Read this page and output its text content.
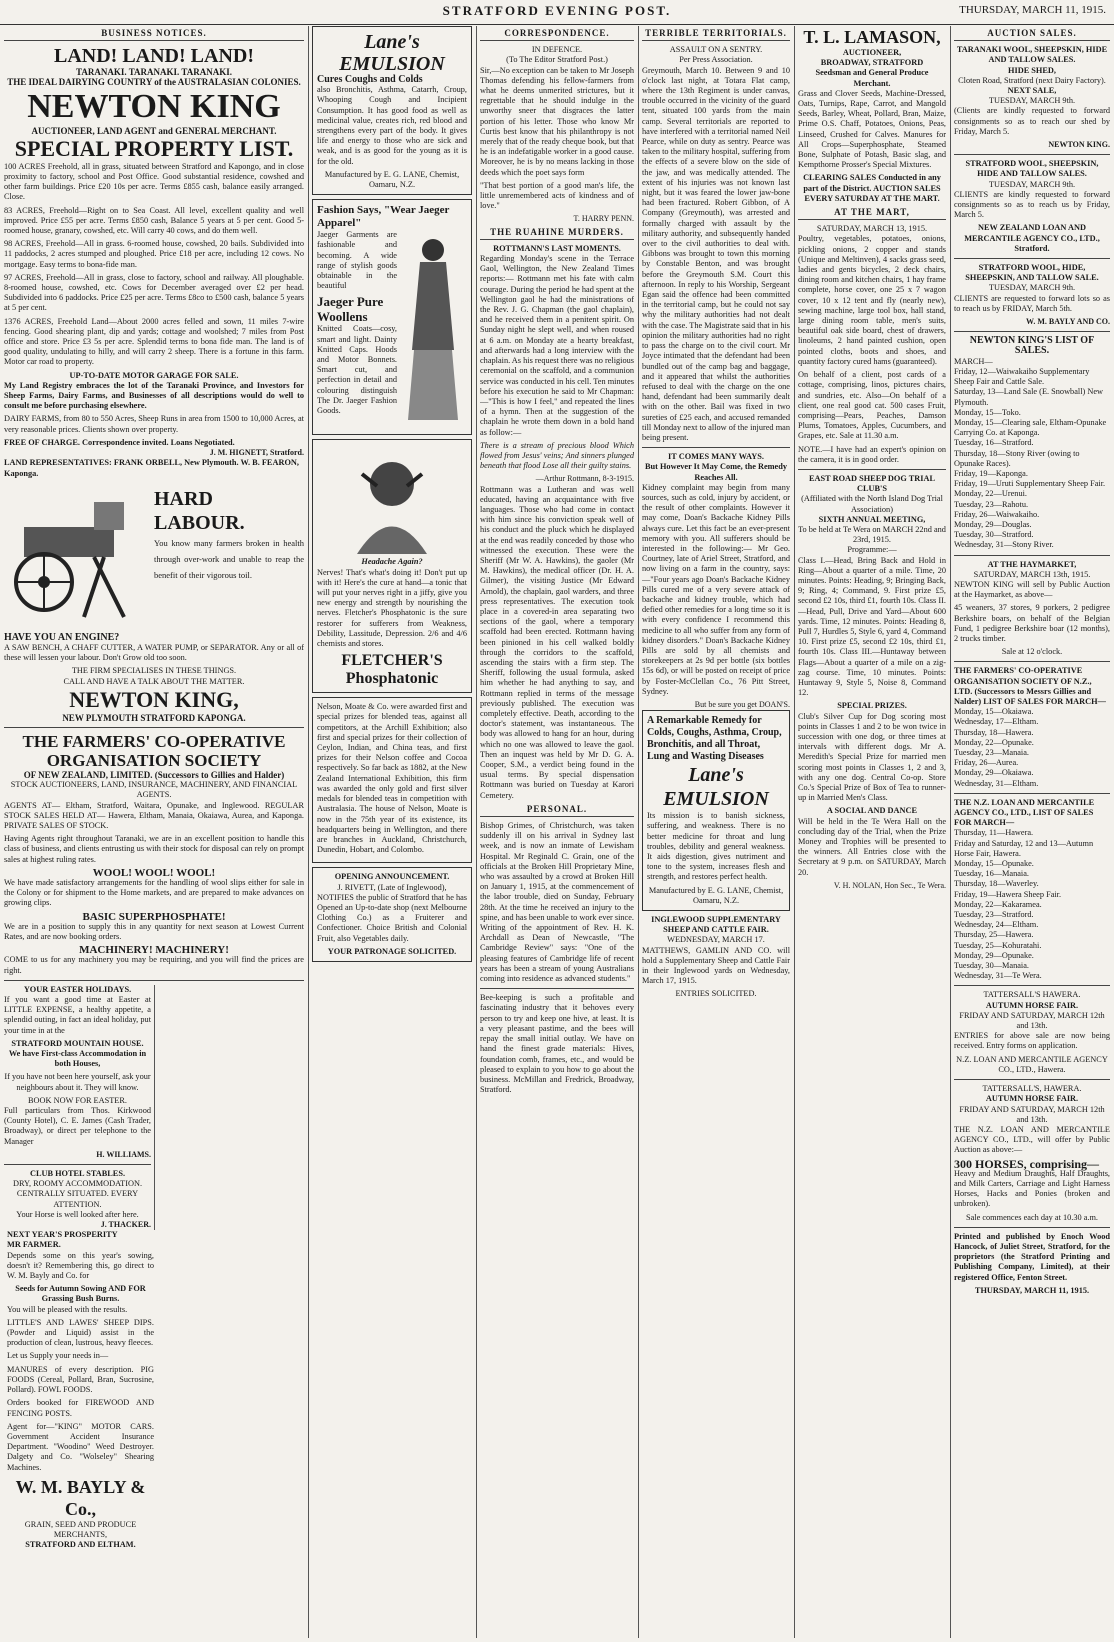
STRATFORD EVENING POST.	THURSDAY, MARCH 11, 1915.
BUSINESS NOTICES.
LAND! LAND! LAND!
TARANAKI. TARANAKI. TARANAKI.
THE IDEAL DAIRYING COUNTRY of the AUSTRALASIAN COLONIES.
NEWTON KING
AUCTIONEER, LAND AGENT and GENERAL MERCHANT.
SPECIAL PROPERTY LIST.

100 ACRES Freehold, all in grass, situated between Stratford and Kapongo, and in close proximity to factory, school and Post Office. Good substantial residence, cowshed and other farm buildings. Price £20 10s per acre. Terms £855 cash, balance easily arranged. Close.

83 ACRES, Freehold—Right on to Sea Coast. All level, excellent quality and well improved. Price £55 per acre. Terms £850 cash, Balance 5 years at 5 per cent. Good 5-roomed house, granary, cowshed, etc. Will carry 40 cows, and do them well.

98 ACRES, Freehold—All in grass. 6-roomed house, cowshed, 20 bails. Subdivided into 11 paddocks, 2 acres stumped and ploughed. Price £18 per acre, including 12 cows. No mortgage. Easy terms to bona-fide man.

97 ACRES, Freehold—All in grass, close to factory, school and railway. All ploughable. 8-roomed house, cowshed, etc. Cows for December averaged over £2 per head. Subdivided into 6 paddocks. Price £25 per acre. Terms £8co to £500 cash, balance 5 years at 5 per cent.

1376 ACRES, Freehold Land—About 2000 acres felled and sown, 11 miles 7-wire fencing. Good shearing plant, dip and yards; cottage and woolshed; 7 miles from Post office and store. Price £3 5s per acre. Splendid terms to bona fide man. The land is of good quality, undulating to hilly, and will carry 2 sheep. There is a fortune in this farm. Motor car road to property.

UP-TO-DATE MOTOR GARAGE FOR SALE.

My Land Registry embraces the lot of the Taranaki Province, and Investors for Sheep Farms, Dairy Farms, and Businesses of all descriptions would do well to consult me before purchasing elsewhere.

DAIRY FARMS, from 80 to 550 Acres, Sheep Runs in area from 1500 to 10,000 Acres, at very reasonable prices. Clients shown over property.

FREE OF CHARGE. Correspondence invited. Loans Negotiated.
J. M. HIGNETT, Stratford.
LAND REPRESENTATIVES: FRANK ORBELL, New Plymouth. W. B. FEARON, Kaponga.
HARD LABOUR.

You know many farmers broken in health through over-work and unable to reap the benefit of their vigorous toil.

HAVE YOU AN ENGINE?

A SAW BENCH, A CHAFF CUTTER, A WATER PUMP, or SEPARATOR. Any or all of these will lessen your labour. Don't Grow old too soon.

THE FIRM SPECIALISES IN THESE THINGS.
CALL AND HAVE A TALK ABOUT THE MATTER.
NEWTON KING,
NEW PLYMOUTH STRATFORD KAPONGA.
THE FARMERS' CO-OPERATIVE ORGANISATION SOCIETY
OF NEW ZEALAND, LIMITED. (Successors to Gillies and Halder)
STOCK AUCTIONEERS, LAND, INSURANCE, MACHINERY, AND FINANCIAL AGENTS.

AGENTS AT— Eltham, Stratford, Waitara, Opunake, and Inglewood. REGULAR STOCK SALES HELD AT— Hawera, Eltham, Manaia, Okaiawa, Aurea, and Kaponga. PRIVATE SALES OF STOCK.

Having Agents right throughout Taranaki, we are in an excellent position to handle this class of business, and clients entrusting us with their stock for disposal can rely on prompt sales at highest ruling rates.

WOOL! WOOL! WOOL!

We have made satisfactory arrangements for the handling of wool slips either for sale in the Colony or for shipment to the Home markets, and are prepared to make advances on growing clips.

BASIC SUPERPHOSPHATE!

We are in a position to supply this in any quantity for next season at Lowest Current Rates, and are now booking orders.

MACHINERY! MACHINERY!

COME to us for any machinery you may be requiring, and you will find the prices are right.

YOUR EASTER HOLIDAYS.

If you want a good time at Easter at LITTLE EXPENSE, a healthy appetite, a splendid outing, in fact an ideal holiday, put your time in at the

STRATFORD MOUNTAIN HOUSE.

We have First-class Accommodation in both Houses,

If you have not been here yourself, ask your neighbours about it. They will know.

BOOK NOW FOR EASTER.

Full particulars from Thos. Kirkwood (County Hotel), C. E. James (Cash Trader, Broadway), or direct per telephone to the Manager

H. WILLIAMS.
CLUB HOTEL STABLES.
DRY, ROOMY ACCOMMODATION.
CENTRALLY SITUATED. EVERY ATTENTION.
Your Horse is well looked after here.
J. THACKER.
NEXT YEAR'S PROSPERITY
MR FARMER.

Depends some on this year's sowing, doesn't it? Remembering this, go direct to W. M. Bayly and Co. for

Seeds for Autumn Sowing AND FOR Grassing Bush Burns.

You will be pleased with the results.

LITTLE'S AND LAWES' SHEEP DIPS. (Powder and Liquid) assist in the production of clean, lustrous, heavy fleeces.

Let us Supply your needs in—

MANURES of every description. PIG FOODS (Cereal, Pollard, Bran, Sucrosine, Pollard). FOWL FOODS.

Orders booked for FIREWOOD AND FENCING POSTS.

Agent for—"KING" MOTOR CARS. Government Accident Insurance Department. "Woodino" Weed Destroyer. Dalgety and Co. "Wolseley" Shearing Machines.

W. M. BAYLY & Co.,
GRAIN, SEED AND PRODUCE MERCHANTS,
STRATFORD AND ELTHAM.
Lane's EMULSION
Cures Coughs and Colds

also Bronchitis, Asthma, Catarrh, Croup, Whooping Cough and Incipient Consumption. It has good food as well as medicinal value, creates rich, red blood and strengthens every part of the body. It gives life and energy to those who are sick and weak, and is as good for the young as it is for the old.

Manufactured by E. G. LANE, Chemist, Oamaru, N.Z.
Fashion Says, "Wear Jaeger Apparel"

Jaeger Garments are fashionable and becoming. A wide range of stylish goods obtainable in the beautiful

Jaeger Pure Woollens

Knitted Coats—cosy, smart and light. Dainty Knitted Caps. Hoods and Motor Bonnets. Smart cut, and perfection in detail and colouring distinguish The Dr. Jaeger Fashion Goods.

Headache Again?

Nerves! That's what's doing it! Don't put up with it! Here's the cure at hand—a tonic that will put your nerves right in a jiffy, give you new energy and strength by nourishing the nerves. Fletcher's Phosphatonic is the sure restorer for sufferers from Weakness, Debility, Lassitude, Depression. 2/6 and 4/6 chemists and stores.

FLETCHER'S Phosphatonic

Nelson, Moate & Co. were awarded first and special prizes for blended teas, against all competitors, at the Archill Exhibition; also first and special prizes for their collection of Ceylon, Indian, and China teas, and first prizes for their Nelson coffee and Cocoa respectively. So far back as 1882, at the New Zealand International Exhibition, this firm was awarded the only gold and first silver medals for blended teas in competition with Australasia. The house of Nelson, Moate is now in the 75th year of its existence, its headquarters being in Wellington, and there are branches in Auckland, Christchurch, Dunedin, Hobart, and Colombo.

OPENING ANNOUNCEMENT.
J. RIVETT, (Late of Inglewood),

NOTIFIES the public of Stratford that he has Opened an Up-to-date shop (next Melbourne Clothing Co.) as a Fruiterer and Confectioner. Choice British and Colonial Fruit, also Vegetables daily.

YOUR PATRONAGE SOLICITED.
CORRESPONDENCE.
IN DEFENCE.
(To The Editor Stratford Post.)

Sir,—No exception can be taken to Mr Joseph Thomas defending his fellow-farmers from what he deems unmerited strictures, but it regrettable that he should indulge in the unworthy sneer that disgraces the latter portion of his letter. Those who know Mr Curtis best know that his philanthropy is not merely that of the ready cheque book, but that he is an indefatigable worker in a good cause. Moreover, he is by no means lacking in those deeds which the poet says form

"That best portion of a good man's life, the little unremembered acts of kindness and of love."

T. HARRY PENN.
THE RUAHINE MURDERS.
ROTTMANN'S LAST MOMENTS.

Regarding Monday's scene in the Terrace Gaol, Wellington, the New Zealand Times reports:— Rottmann met his fate with calm courage. During the period he had spent at the Wellington gaol he had the ministrations of the Rev. J. G. Chapman (the gaol chaplain), and he received them in a penitent spirit. On Sunday night he slept well, and when roused at 6 a.m. on Monday ate a hearty breakfast, and afterwards had a long interview with the chaplain. As his request there was no religious ceremonial on the scaffold, and a communion service was conducted in his cell. Ten minutes before his execution he said to Mr Chapman:—"This is how I feel," and repeated the lines of a hymn. Then at the suggestion of the chaplain he wrote them down in a bold hand as follow:—

There is a stream of precious blood Which flowed from Jesus' veins; And sinners plunged beneath that flood Lose all their guilty stains.

—Arthur Rottmann, 8-3-1915.

Rottmann was a Lutheran and was well educated, having an acquaintance with five languages. Those who had come in contact with him since his conviction speak well of his conduct and the pluck which he displayed at the end was readily conceded by those who witnessed the execution. These were the Sheriff (Mr W. A. Hawkins), the gaoler (Mr M. Hawkins), the medical officer (Dr. H. A. Gilmer), the visiting Justice (Mr Edward Arnold), the chaplain, gaol warders, and three press representatives. The execution took place in a covered-in area separating two sections of the gaol, where a temporary scaffold had been erected. Rottmann having been pinioned in his cell walked boldly through the corridors to the scaffold, ascending the stairs with a firm step. The Sheriff, following the usual formula, asked him whether he had anything to say, and Rottmann replied in terms of the message previously published. The execution was completely effective. Death, according to the doctor's statement, was instantaneous. The body was allowed to hang for an hour, during which no one was allowed to leave the gaol. Then an inquest was held by Mr D. G. A. Cooper, S.M., a verdict being found in the usual terms. By special dispensation Rottmann was buried on Tuesday at Karori Cemetery.

PERSONAL.

Bishop Grimes, of Christchurch, was taken suddenly ill on his arrival in Sydney last week, and is now an inmate of Lewisham Hospital. Mr Reginald C. Grain, one of the officials at the Broken Hill Proprietary Mine, who was assaulted by a crowd at Broken Hill on January 1, 1915, at the commencement of the labor trouble, died on Sunday, February 28th. At the time he received an injury to the spine, and has been unable to work ever since. Writing of the appointment of Rev. H. K. Archdall as Dean of Newcastle, "The Cambridge Review" says: "One of the pleasing features of Cambridge life of recent years has been a stream of young Australians coming into residence as advanced students."

Bee-keeping is such a profitable and fascinating industry that it behoves every person to try and keep one hive, at least. It is a very pleasant pastime, and the bees will repay the small initial outlay. We have on hand the finest grade materials: Hives, foundation comb, frames, etc., and would be pleased to explain to you how to go about the business. McMillan and Fredrick, Broadway, Stratford.

TERRIBLE TERRITORIALS.
ASSAULT ON A SENTRY.
Per Press Association.

Greymouth, March 10. Between 9 and 10 o'clock last night, at Totara Flat camp, where the 13th Regiment is under canvas, trouble occurred in the vicinity of the guard tent, situated 100 yards from the main camp. Several territorials are reported to have interfered with a territorial named Neil Pearce, while on duty as sentry. Pearce was taken to the military hospital, suffering from the effects of a severe blow on the side of the jaw, and was medically attended. The extent of his injuries was not known last night, but it was feared the lower jaw-bone had been fractured. Robert Gibbon, of A Company (Greymouth), was arrested and formally charged with assault by the military authority, and subsequently handed over to the civil authorities to deal with. Gibbons was brought to town this morning by Constable Benton, and was brought before the Greymouth S.M. Court this afternoon. In reply to his Worship, Sergeant Egan said the offence had been committed in the territorial camp, but he could not say why the military authorities had not dealt with the case. The Magistrate said that in his opinion the military authorities had no right to pass the charge on to the civil court. Mr Joyce intimated that the defendant had been bundled out of the camp bag and baggage, and it appeared that whilst the authorities refused to deal with the charge on the one hand, defendant had been summarily dealt with on the other. Bail was fixed in two sureties of £25 each, and accused remanded till Monday next to allow of the injured man being present.

IT COMES MANY WAYS.
But However It May Come, the Remedy Reaches All.

Kidney complaint may begin from many sources, such as cold, injury by accident, or the result of other complaints. However it may come, Doan's Backache Kidney Pills always cure. Let this fact be an ever-present memory with you. All sufferers should be interested in the following:— Mr Geo. Courtney, late of Ariel Street, Stratford, and now living on a farm in the country, says:—"Four years ago Doan's Backache Kidney Pills cured me of a very severe attack of backache and kidney trouble, which had defied other remedies for a long time so it is with every confidence I recommend this medicine to all who suffer from any form of kidney disorders." Doan's Backache Kidney Pills are sold by all chemists and storekeepers at 2s 9d per bottle (six bottles 15s 6d), or will be posted on receipt of price by Foster-McClellan Co., 76 Pitt Street, Sydney.

But be sure you get DOAN'S.
A Remarkable Remedy for Colds, Coughs, Asthma, Croup, Bronchitis, and all Throat, Lung and Wasting Diseases
Lane's EMULSION

Its mission is to banish sickness, suffering, and weakness. There is no better medicine for throat and lung troubles, debility and general weakness. It aids digestion, gives nutriment and tone to the system, increases flesh and strength, and restores perfect health.

Manufactured by E. G. LANE, Chemist, Oamaru, N.Z.
INGLEWOOD SUPPLEMENTARY SHEEP AND CATTLE FAIR.
WEDNESDAY, MARCH 17.

MATTHEWS, GAMLIN AND CO. will hold a Supplementary Sheep and Cattle Fair in their Inglewood yards on Wednesday, March 17, 1915.

ENTRIES SOLICITED.
T. L. LAMASON,
AUCTIONEER,
BROADWAY, STRATFORD
Seedsman and General Produce Merchant.

Grass and Clover Seeds, Machine-Dressed, Oats, Turnips, Rape, Carrot, and Mangold Seeds, Barley, Wheat, Pollard, Bran, Maize, Prime O.S. Chaff, Potatoes, Onions, Peas, Linseed, Crushed for Calves. Manures for All Crops—Superphosphate, Steamed Bone, Sulphate of Potash, Basic slag, and Kempthorne Prosser's Special Mixtures.

CLEARING SALES Conducted in any part of the District. AUCTION SALES EVERY SATURDAY AT THE MART.

AT THE MART,
SATURDAY, MARCH 13, 1915.

Poultry, vegetables, potatoes, onions, pickling onions, 2 copper and stands (Unique and Meltinven), 4 sacks grass seed, ladies and gents bicycles, 2 deck chairs, dining room and kitchen chairs, 1 hay frame complete, horse cover, one 25 x 7 wagon cover, 10 x 12 tent and fly (nearly new), sewing machine, large tool box, hall stand, large dining room table, men's suits, beautiful oak side board, chest of drawers, linoleums, 2 hand painted cushion, open pointed cloths, boots and shoes, and quantity factory cured hams (guaranteed).

On behalf of a client, post cards of a cottage, comprising, linos, pictures chairs, and sundries, etc. Also—On behalf of a client, one real good cat. 500 cases Fruit, comprising—Pears, Peaches, Damson Plums, Tomatoes, Apples, Cucumbers, and Grapes, etc. Sale at 11.30 a.m.

NOTE.—I have had an expert's opinion on the camera, it is in good order.

EAST ROAD SHEEP DOG TRIAL CLUB'S
(Affiliated with the North Island Dog Trial Association)
SIXTH ANNUAL MEETING,
To be held at Te Wera on MARCH 22nd and 23rd, 1915.
Programme:—

Class I.—Head, Bring Back and Hold in Ring—About a quarter of a mile. Time, 20 minutes. Points: Heading, 9; Bringing Back, 9; Ring, 4; Command, 9. First prize £5, second £2 10s, third £1, fourth 10s. Class II.—Head, Pull, Drive and Yard—About 600 yards. Time, 12 minutes. Points: Heading 8, Pull 7, Hurdles 5, Style 6, yard 4, Command 10. First prize £5, second £2 10s, third £1, fourth 10s. Class III.—Huntaway between Flags—About a quarter of a mile on a zig-zag course. Time, 10 minutes. Points: Huntaway 9, Style 5, Noise 8, Command 12.

SPECIAL PRIZES.

Club's Silver Cup for Dog scoring most points in Classes 1 and 2 to be won twice in succession with one dog, or three times at intervals with different dogs. Mr A. Meredith's Special Prize for married men scoring most points in Classes 1, 2 and 3, with any one dog. Central Co-op. Store Co.'s Special Prize of Box of Tea to runner-up in Married Men's Class.

A SOCIAL AND DANCE

Will be held in the Te Wera Hall on the concluding day of the Trial, when the Prize Money and Trophies will be presented to the winners. All Entries close with the Secretary at 9 p.m. on SATURDAY, March 20.

V. H. NOLAN, Hon Sec., Te Wera.
AUCTION SALES.
TARANAKI WOOL, SHEEPSKIN, HIDE AND TALLOW SALES.
HIDE SHED,
Cloten Road, Stratford (next Dairy Factory).
NEXT SALE,
TUESDAY, MARCH 9th.

(Clients are kindly requested to forward consignments so as to reach our shed by Friday, March 5.

NEWTON KING.
STRATFORD WOOL, SHEEPSKIN, HIDE AND TALLOW SALES.
TUESDAY, MARCH 9th.

CLIENTS are kindly requested to forward consignments so as to reach us by Friday, March 5.

NEW ZEALAND LOAN AND MERCANTILE AGENCY CO., LTD., Stratford.
STRATFORD WOOL, HIDE, SHEEPSKIN, AND TALLOW SALE.
TUESDAY, MARCH 9th.

CLIENTS are requested to forward lots so as to reach us by FRIDAY, March 5th.

W. M. BAYLY AND CO.
NEWTON KING'S LIST OF SALES.
MARCH—
Friday, 12—Waiwakaiho Supplementary Sheep Fair and Cattle Sale.
Saturday, 13—Land Sale (E. Snowball) New Plymouth.
Monday, 15—Toko.
Monday, 15—Clearing sale, Eltham-Opunake Carrying Co. at Kaponga.
Tuesday, 16—Stratford.
Thursday, 18—Stony River (owing to Opunake Races).
Friday, 19—Kaponga.
Friday, 19—Uruti Supplementary Sheep Fair.
Monday, 22—Urenui.
Tuesday, 23—Rahotu.
Friday, 26—Waiwakaiho.
Monday, 29—Douglas.
Tuesday, 30—Stratford.
Wednesday, 31—Stony River.
AT THE HAYMARKET,
SATURDAY, MARCH 13th, 1915.

NEWTON KING will sell by Public Auction at the Haymarket, as above—

45 weaners, 37 stores, 9 porkers, 2 pedigree Berkshire boars, on behalf of the Belgian Fund, 1 pedigree Berkshire boar (12 months), 2 trucks timber.

Sale at 12 o'clock.
THE FARMERS' CO-OPERATIVE ORGANISATION SOCIETY OF N.Z., LTD. (Successors to Messrs Gillies and Nalder) LIST OF SALES FOR MARCH—
Monday, 15—Okaiawa.
Wednesday, 17—Eltham.
Thursday, 18—Hawera.
Monday, 22—Opunake.
Tuesday, 23—Manaia.
Friday, 26—Aurea.
Monday, 29—Okaiawa.
Wednesday, 31—Eltham.
THE N.Z. LOAN AND MERCANTILE AGENCY CO., LTD., LIST OF SALES FOR MARCH—
Thursday, 11—Hawera.
Friday and Saturday, 12 and 13—Autumn Horse Fair, Hawera.
Monday, 15—Opunake.
Tuesday, 16—Manaia.
Thursday, 18—Waverley.
Friday, 19—Hawera Sheep Fair.
Monday, 22—Kakaramea.
Tuesday, 23—Stratford.
Wednesday, 24—Eltham.
Thursday, 25—Hawera.
Tuesday, 25—Kohuratahi.
Monday, 29—Opunake.
Tuesday, 30—Manaia.
Wednesday, 31—Te Wera.
TATTERSALL'S HAWERA.
AUTUMN HORSE FAIR.
FRIDAY AND SATURDAY, MARCH 12th and 13th.

ENTRIES for above sale are now being received. Entry forms on application.

N.Z. LOAN AND MERCANTILE AGENCY CO., LTD., Hawera.
TATTERSALL'S, HAWERA.
AUTUMN HORSE FAIR.
FRIDAY AND SATURDAY, MARCH 12th and 13th.

THE N.Z. LOAN AND MERCANTILE AGENCY CO., LTD., will offer by Public Auction as above:—

300 HORSES, comprising—

Heavy and Medium Draughts, Half Draughts, and Milk Carters, Carriage and Light Harness Horses, Hacks and Ponies (broken and unbroken).

Sale commences each day at 10.30 a.m.

Printed and published by Enoch Wood Hancock, of Juliet Street, Stratford, for the proprietors (the Stratford Printing and Publishing Company, Limited), at their registered Office, Fenton Street.

THURSDAY, MARCH 11, 1915.
